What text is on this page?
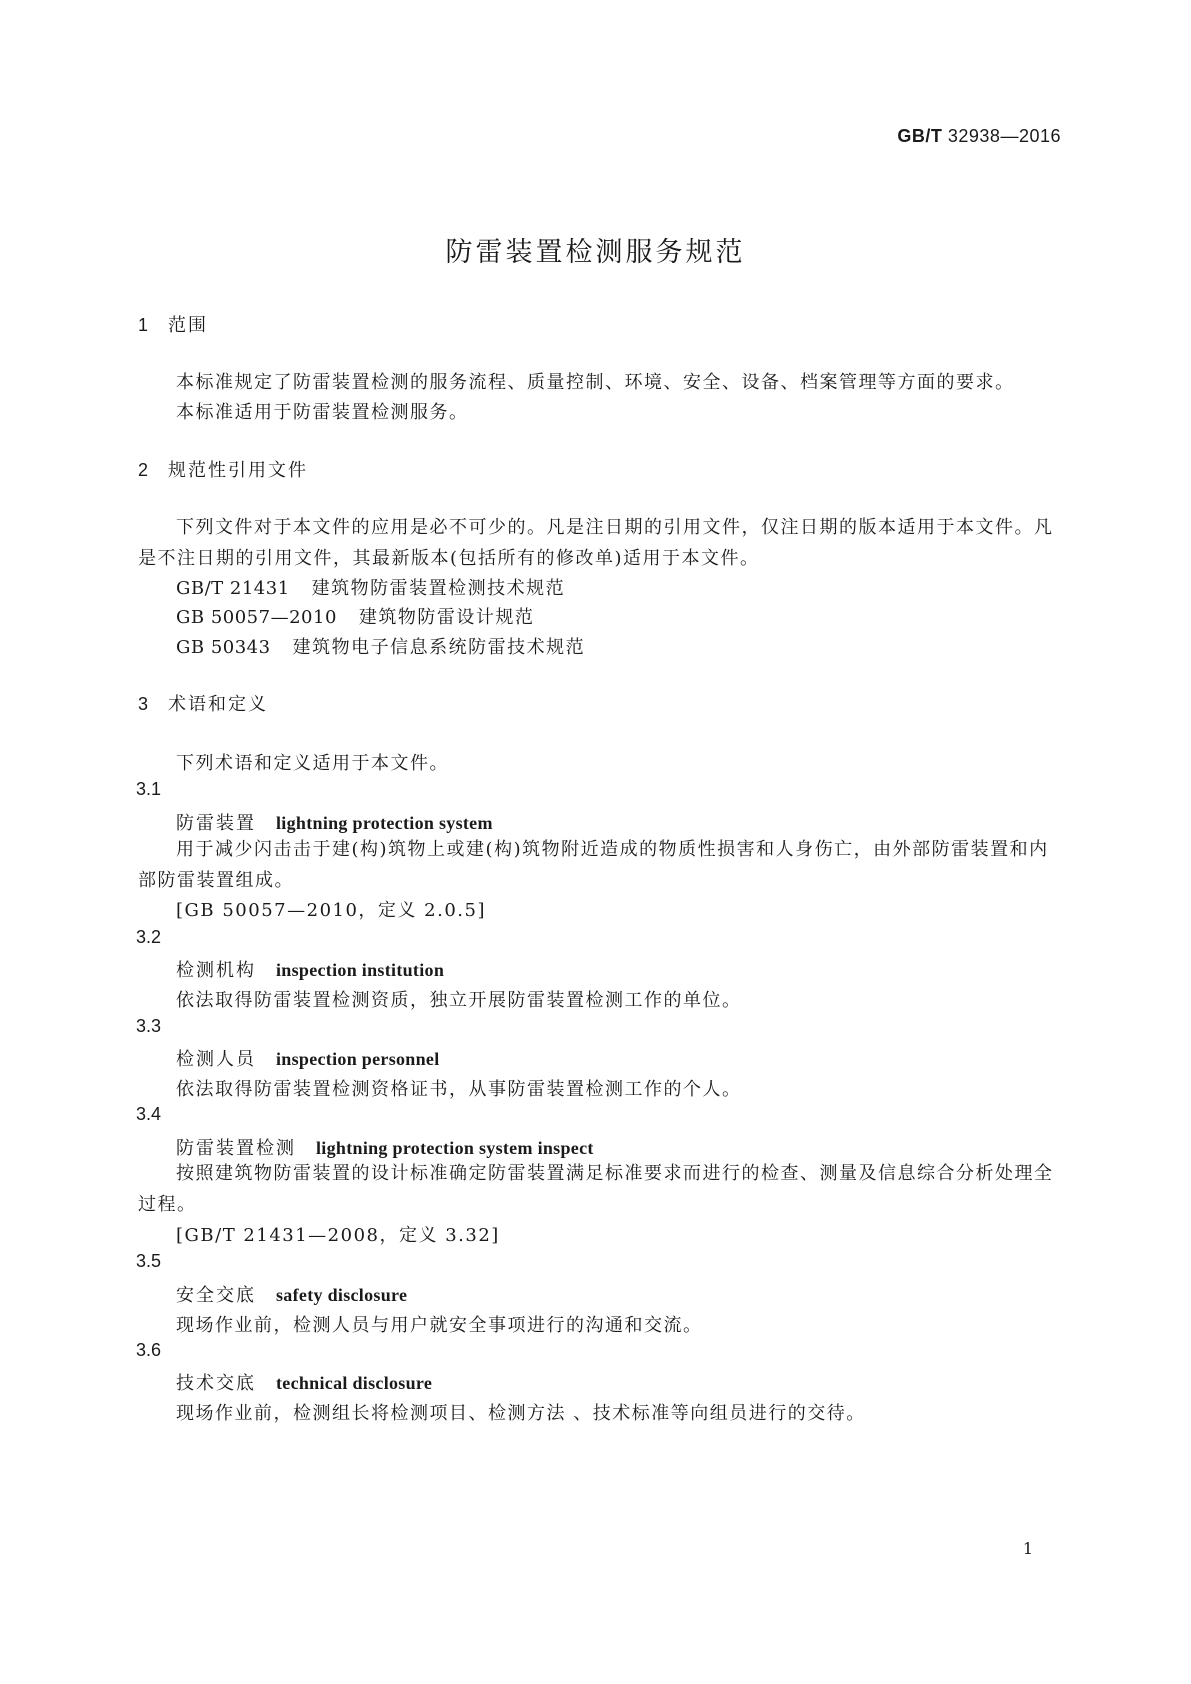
GB/T 32938—2016
防雷装置检测服务规范
1 范围
本标准规定了防雷装置检测的服务流程、质量控制、环境、安全、设备、档案管理等方面的要求。
本标准适用于防雷装置检测服务。
2 规范性引用文件
下列文件对于本文件的应用是必不可少的。凡是注日期的引用文件，仅注日期的版本适用于本文件。凡是不注日期的引用文件，其最新版本(包括所有的修改单)适用于本文件。
GB/T 21431 建筑物防雷装置检测技术规范
GB 50057—2010 建筑物防雷设计规范
GB 50343 建筑物电子信息系统防雷技术规范
3 术语和定义
下列术语和定义适用于本文件。
3.1
防雷装置 lightning protection system
用于减少闪击击于建(构)筑物上或建(构)筑物附近造成的物质性损害和人身伤亡，由外部防雷装置和内部防雷装置组成。
[GB 50057—2010，定义 2.0.5]
3.2
检测机构 inspection institution
依法取得防雷装置检测资质，独立开展防雷装置检测工作的单位。
3.3
检测人员 inspection personnel
依法取得防雷装置检测资格证书，从事防雷装置检测工作的个人。
3.4
防雷装置检测 lightning protection system inspect
按照建筑物防雷装置的设计标准确定防雷装置满足标准要求而进行的检查、测量及信息综合分析处理全过程。
[GB/T 21431—2008，定义 3.32]
3.5
安全交底 safety disclosure
现场作业前，检测人员与用户就安全事项进行的沟通和交流。
3.6
技术交底 technical disclosure
现场作业前，检测组长将检测项目、检测方法 、技术标准等向组员进行的交待。
1
